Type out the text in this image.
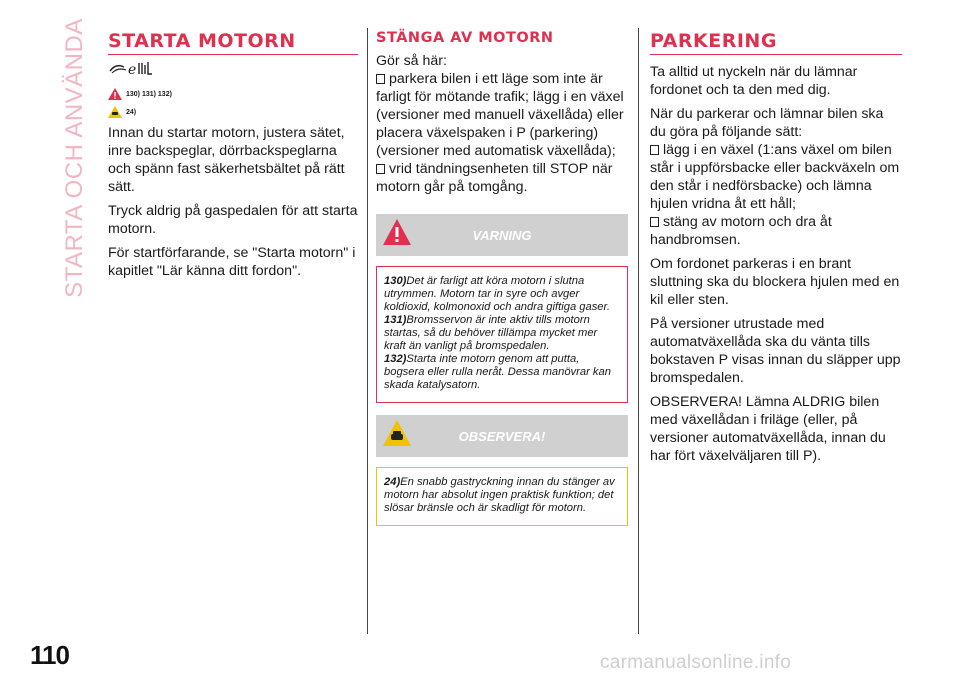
STARTA OCH ANVÄNDA STARTA MOTORN
e
130) 131) 132)
24)

Innan du startar motorn, justera sätet, inre backspeglar, dörrbackspeglarna och spänn fast säkerhetsbältet på rätt sätt.

Tryck aldrig på gaspedalen för att starta motorn.

För startförfarande, se "Starta motorn" i kapitlet "Lär känna ditt fordon".

STÄNGA AV MOTORN
Gör så här:
parkera bilen i ett läge som inte är farligt för mötande trafik; lägg i en växel (versioner med manuell växellåda) eller placera växelspaken i P (parkering) (versioner med automatisk växellåda);
vrid tändningsenheten till STOP när motorn går på tomgång.
VARNING

130)Det är farligt att köra motorn i slutna utrymmen. Motorn tar in syre och avger koldioxid, kolmonoxid och andra giftiga gaser.

131)Bromsservon är inte aktiv tills motorn startas, så du behöver tillämpa mycket mer kraft än vanligt på bromspedalen.

132)Starta inte motorn genom att putta, bogsera eller rulla neråt. Dessa manövrar kan skada katalysatorn.

OBSERVERA!

24)En snabb gastryckning innan du stänger av motorn har absolut ingen praktisk funktion; det slösar bränsle och är skadligt för motorn.

PARKERING

Ta alltid ut nyckeln när du lämnar fordonet och ta den med dig.

När du parkerar och lämnar bilen ska du göra på följande sätt:

lägg i en växel (1:ans växel om bilen står i uppförsbacke eller backväxeln om den står i nedförsbacke) och lämna hjulen vridna åt ett håll;
stäng av motorn och dra åt handbromsen.

Om fordonet parkeras i en brant sluttning ska du blockera hjulen med en kil eller sten.

På versioner utrustade med automatväxellåda ska du vänta tills bokstaven P visas innan du släpper upp bromspedalen.

OBSERVERA! Lämna ALDRIG bilen med växellådan i friläge (eller, på versioner automatväxellåda, innan du har fört växelväljaren till P).

110	carmanualsonline.info
